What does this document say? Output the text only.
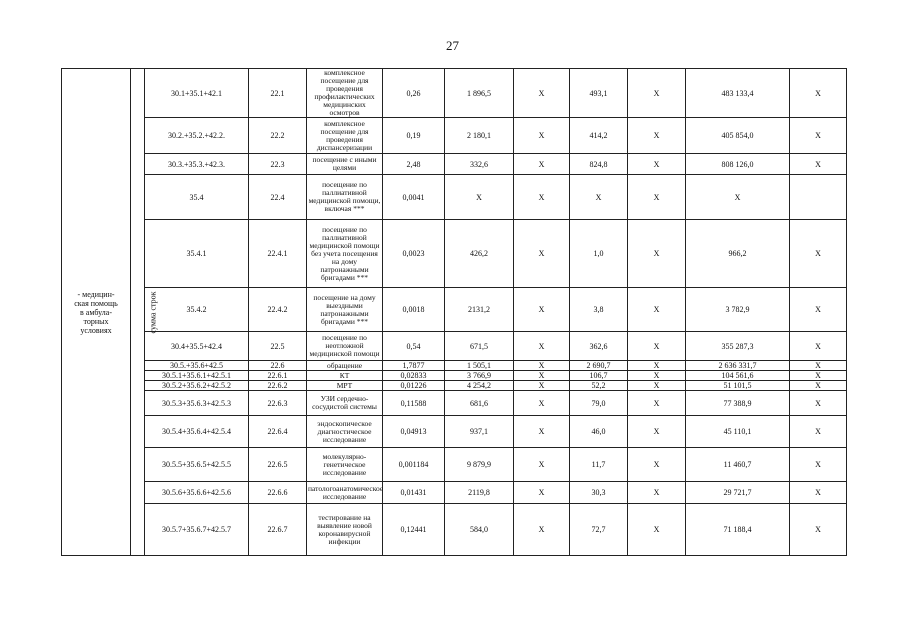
27
- медицин-
ская помощь
в амбула-
торных
условиях	сумма строк	30.1+35.1+42.1	22.1	комплексное посещение для проведения профилактических медицинских осмотров	0,26	1 896,5	X	493,1	X	483 133,4	X
		30.2.+35.2.+42.2.	22.2	комплексное посещение для проведения диспансеризации	0,19	2 180,1	X	414,2	X	405 854,0	X
		30.3.+35.3.+42.3.	22.3	посещение с иными целями	2,48	332,6	X	824,8	X	808 126,0	X
		35.4	22.4	посещение по паллиативной медицинской помощи, включая ***	0,0041	X	X	X	X	X	
		35.4.1	22.4.1	посещение по паллиативной медицинской помощи без учета посещения на дому патронажными бригадами ***	0,0023	426,2	X	1,0	X	966,2	X
		35.4.2	22.4.2	посещение на дому выездными патронажными бригадами ***	0,0018	2131,2	X	3,8	X	3 782,9	X
		30.4+35.5+42.4	22.5	посещение по неотложной медицинской помощи	0,54	671,5	X	362,6	X	355 287,3	X
		30.5.+35.6+42.5	22.6	обращение	1,7877	1 505,1	X	2 690,7	X	2 636 331,7	X
		30.5.1+35.6.1+42.5.1	22.6.1	КТ	0,02833	3 766,9	X	106,7	X	104 561,6	X
		30.5.2+35.6.2+42.5.2	22.6.2	МРТ	0,01226	4 254,2	X	52,2	X	51 101,5	X
		30.5.3+35.6.3+42.5.3	22.6.3	УЗИ сердечно-сосудистой системы	0,11588	681,6	X	79,0	X	77 388,9	X
		30.5.4+35.6.4+42.5.4	22.6.4	эндоскопическое диагностическое исследование	0,04913	937,1	X	46,0	X	45 110,1	X
		30.5.5+35.6.5+42.5.5	22.6.5	молекулярно-генетическое исследование	0,001184	9 879,9	X	11,7	X	11 460,7	X
		30.5.6+35.6.6+42.5.6	22.6.6	патологоанатомическое исследование	0,01431	2119,8	X	30,3	X	29 721,7	X
		30.5.7+35.6.7+42.5.7	22.6.7	тестирование на выявление новой коронавирусной инфекции	0,12441	584,0	X	72,7	X	71 188,4	X
